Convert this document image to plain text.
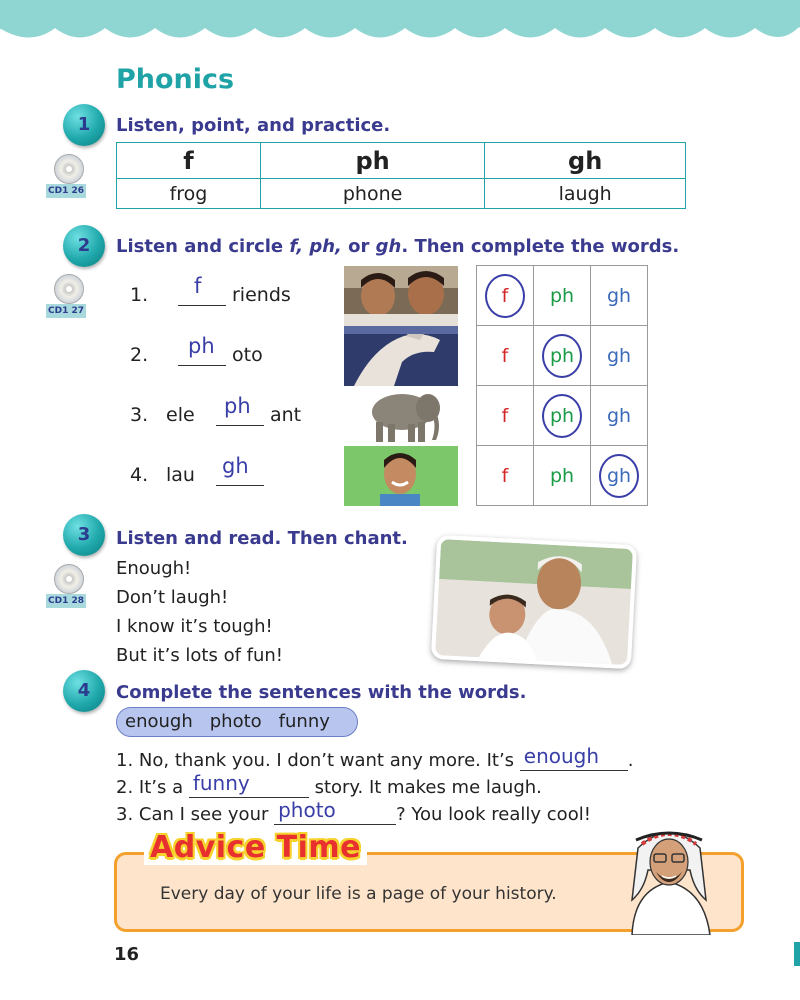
Phonics
1
CD1 26
Listen, point, and practice.
f	ph	gh
frog	phone	laugh
2
CD1 27
Listen and circle f, ph, or gh. Then complete the words.
1. f riends
2. ph oto
3. ele ph ant
4. lau gh
f	ph	gh
f	ph	gh
f	ph	gh
f	ph	gh
3
CD1 28
Listen and read. Then chant.
Enough!
Don’t laugh!
I know it’s tough!
But it’s lots of fun!
4	Complete the sentences with the words.
enough photo funny
1. No, thank you. I don’t want any more. It’s enough .
2. It’s a funny	story. It makes me laugh.
3. Can I see your photo	? You look really cool!
Advice Time
Every day of your life is a page of your history.
16
